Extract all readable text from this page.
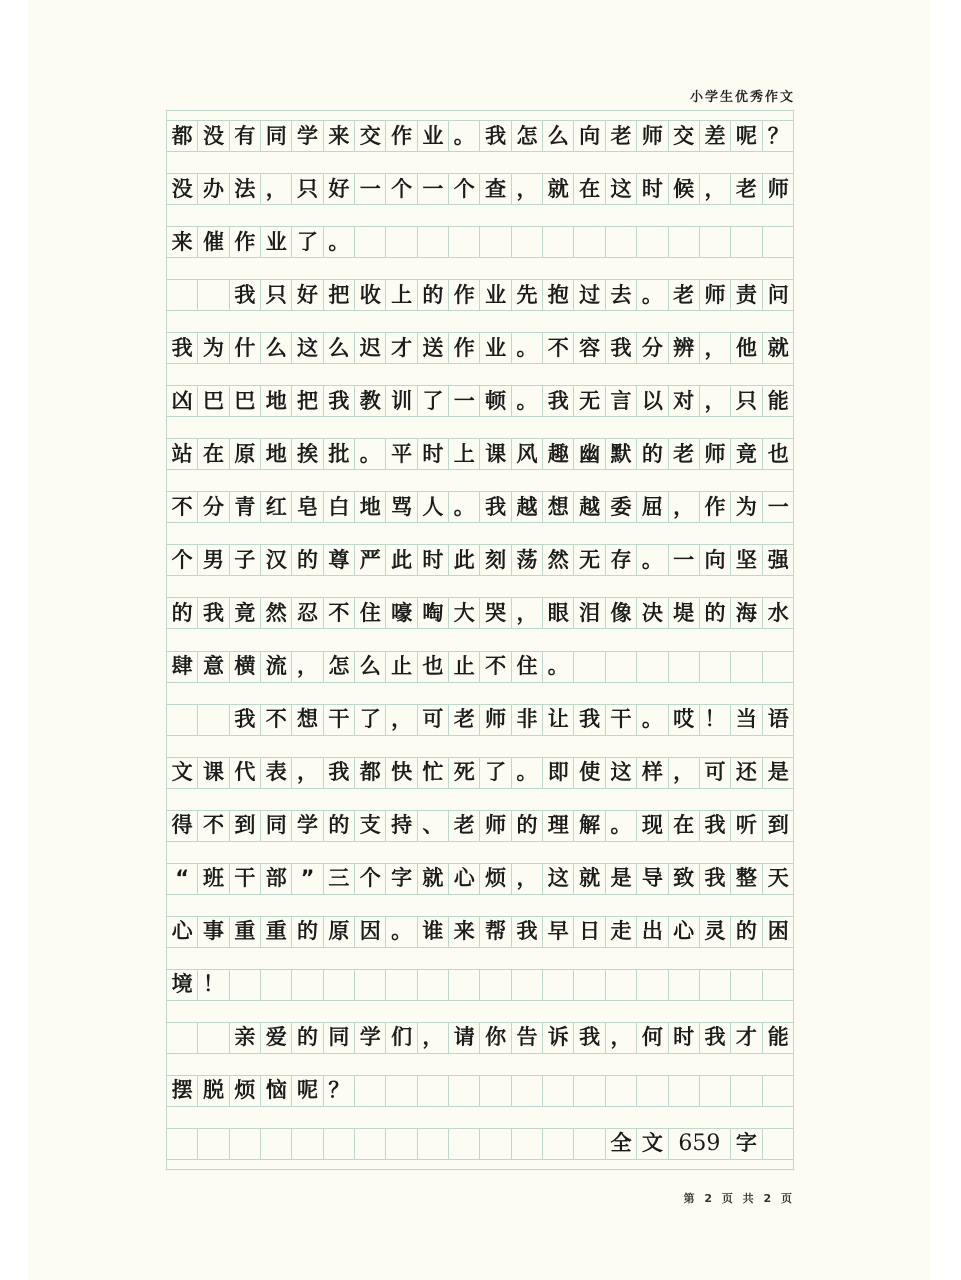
小学生优秀作文
都 没 有 同 学 来 交 作 业 。 我 怎 么 向 老 师 交 差 呢 ？
没 办 法 ， 只 好 一 个 一 个 查 ， 就 在 这 时 候 ， 老 师
来 催 作 业 了 。
我 只 好 把 收 上 的 作 业 先 抱 过 去 。 老 师 责 问
我 为 什 么 这 么 迟 才 送 作 业 。 不 容 我 分 辨 ， 他 就
凶 巴 巴 地 把 我 教 训 了 一 顿 。 我 无 言 以 对 ， 只 能
站 在 原 地 挨 批 。 平 时 上 课 风 趣 幽 默 的 老 师 竟 也
不 分 青 红 皂 白 地 骂 人 。 我 越 想 越 委 屈 ， 作 为 一
个 男 子 汉 的 尊 严 此 时 此 刻 荡 然 无 存 。 一 向 坚 强
的 我 竟 然 忍 不 住 嚎 啕 大 哭 ， 眼 泪 像 决 堤 的 海 水
肆 意 横 流 ， 怎 么 止 也 止 不 住 。
我 不 想 干 了 ， 可 老 师 非 让 我 干 。 哎 ！ 当 语
文 课 代 表 ， 我 都 快 忙 死 了 。 即 使 这 样 ， 可 还 是
得 不 到 同 学 的 支 持 、 老 师 的 理 解 。 现 在 我 听 到
“ 班 干 部 ” 三 个 字 就 心 烦 ， 这 就 是 导 致 我 整 天
心 事 重 重 的 原 因 。 谁 来 帮 我 早 日 走 出 心 灵 的 困
境 ！
亲 爱 的 同 学 们 ， 请 你 告 诉 我 ， 何 时 我 才 能
摆 脱 烦 恼 呢 ？
全 文 659 字
第 2 页 共 2 页
